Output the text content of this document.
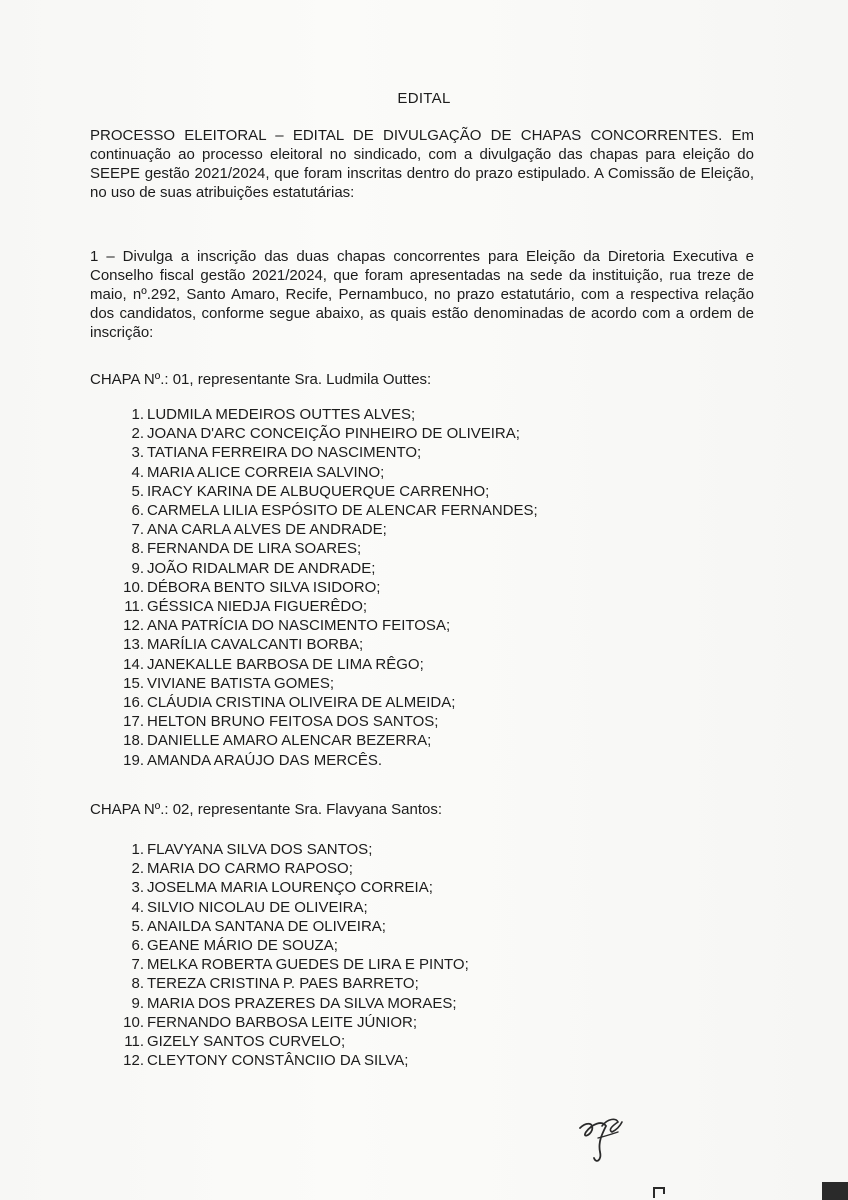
EDITAL
PROCESSO ELEITORAL – EDITAL DE DIVULGAÇÃO DE CHAPAS CONCORRENTES. Em continuação ao processo eleitoral no sindicado, com a divulgação das chapas para eleição do SEEPE gestão 2021/2024, que foram inscritas dentro do prazo estipulado. A Comissão de Eleição, no uso de suas atribuições estatutárias:
1 – Divulga a inscrição das duas chapas concorrentes para Eleição da Diretoria Executiva e Conselho fiscal gestão 2021/2024, que foram apresentadas na sede da instituição, rua treze de maio, nº.292, Santo Amaro, Recife, Pernambuco, no prazo estatutário, com a respectiva relação dos candidatos, conforme segue abaixo, as quais estão denominadas de acordo com a ordem de inscrição:
CHAPA Nº.: 01, representante Sra. Ludmila Outtes:
1. LUDMILA MEDEIROS OUTTES ALVES;
2. JOANA D'ARC CONCEIÇÃO PINHEIRO DE OLIVEIRA;
3. TATIANA FERREIRA DO NASCIMENTO;
4. MARIA ALICE CORREIA SALVINO;
5. IRACY KARINA DE ALBUQUERQUE CARRENHO;
6. CARMELA LILIA ESPÓSITO DE ALENCAR FERNANDES;
7. ANA CARLA ALVES DE ANDRADE;
8. FERNANDA DE LIRA SOARES;
9. JOÃO RIDALMAR DE ANDRADE;
10. DÉBORA BENTO SILVA ISIDORO;
11. GÉSSICA NIEDJA FIGUERÊDO;
12. ANA PATRÍCIA DO NASCIMENTO FEITOSA;
13. MARÍLIA CAVALCANTI BORBA;
14. JANEKALLE BARBOSA DE LIMA RÊGO;
15. VIVIANE BATISTA GOMES;
16. CLÁUDIA CRISTINA OLIVEIRA DE ALMEIDA;
17. HELTON BRUNO FEITOSA DOS SANTOS;
18. DANIELLE AMARO ALENCAR BEZERRA;
19. AMANDA ARAÚJO DAS MERCÊS.
CHAPA Nº.: 02, representante Sra. Flavyana Santos:
1. FLAVYANA SILVA DOS SANTOS;
2. MARIA DO CARMO RAPOSO;
3. JOSELMA MARIA LOURENÇO CORREIA;
4. SILVIO NICOLAU DE OLIVEIRA;
5. ANAILDA SANTANA DE OLIVEIRA;
6. GEANE MÁRIO DE SOUZA;
7. MELKA ROBERTA GUEDES DE LIRA E PINTO;
8. TEREZA CRISTINA P. PAES BARRETO;
9. MARIA DOS PRAZERES DA SILVA MORAES;
10. FERNANDO BARBOSA LEITE JÚNIOR;
11. GIZELY SANTOS CURVELO;
12. CLEYTONY CONSTÂNCIIO DA SILVA;
